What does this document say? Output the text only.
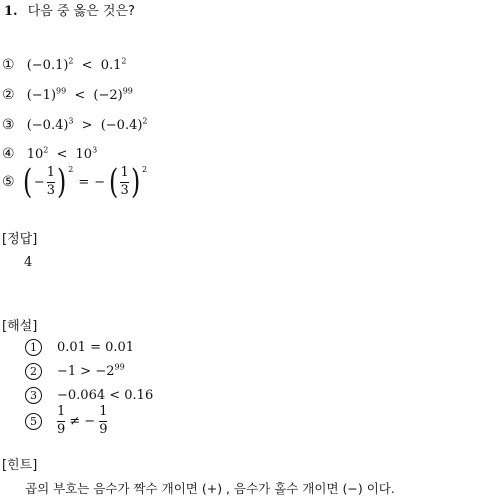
1. 다음 중 옳은 것은?
① $(-0.1)^2 < 0.1^2$
② $(-1)^{99} < (-2)^{99}$
③ $(-0.4)^3 > (-0.4)^2$
④ $10^2 < 10^3$
⑤ ( − $\frac{1}{3} )^2$
= − ( $\frac{1}{3} )^2$
[정답]
4
[해설]
1	0.01 = 0.01
2	$-1 > -2^{99}$
3	−0.064 < 0.16
5	$\frac{1}{9}$ ≠ − $\frac{1}{9}$
[힌트]
곱의 부호는 음수가 짝수 개이면 (+) , 음수가 홀수 개이면 (−) 이다.
